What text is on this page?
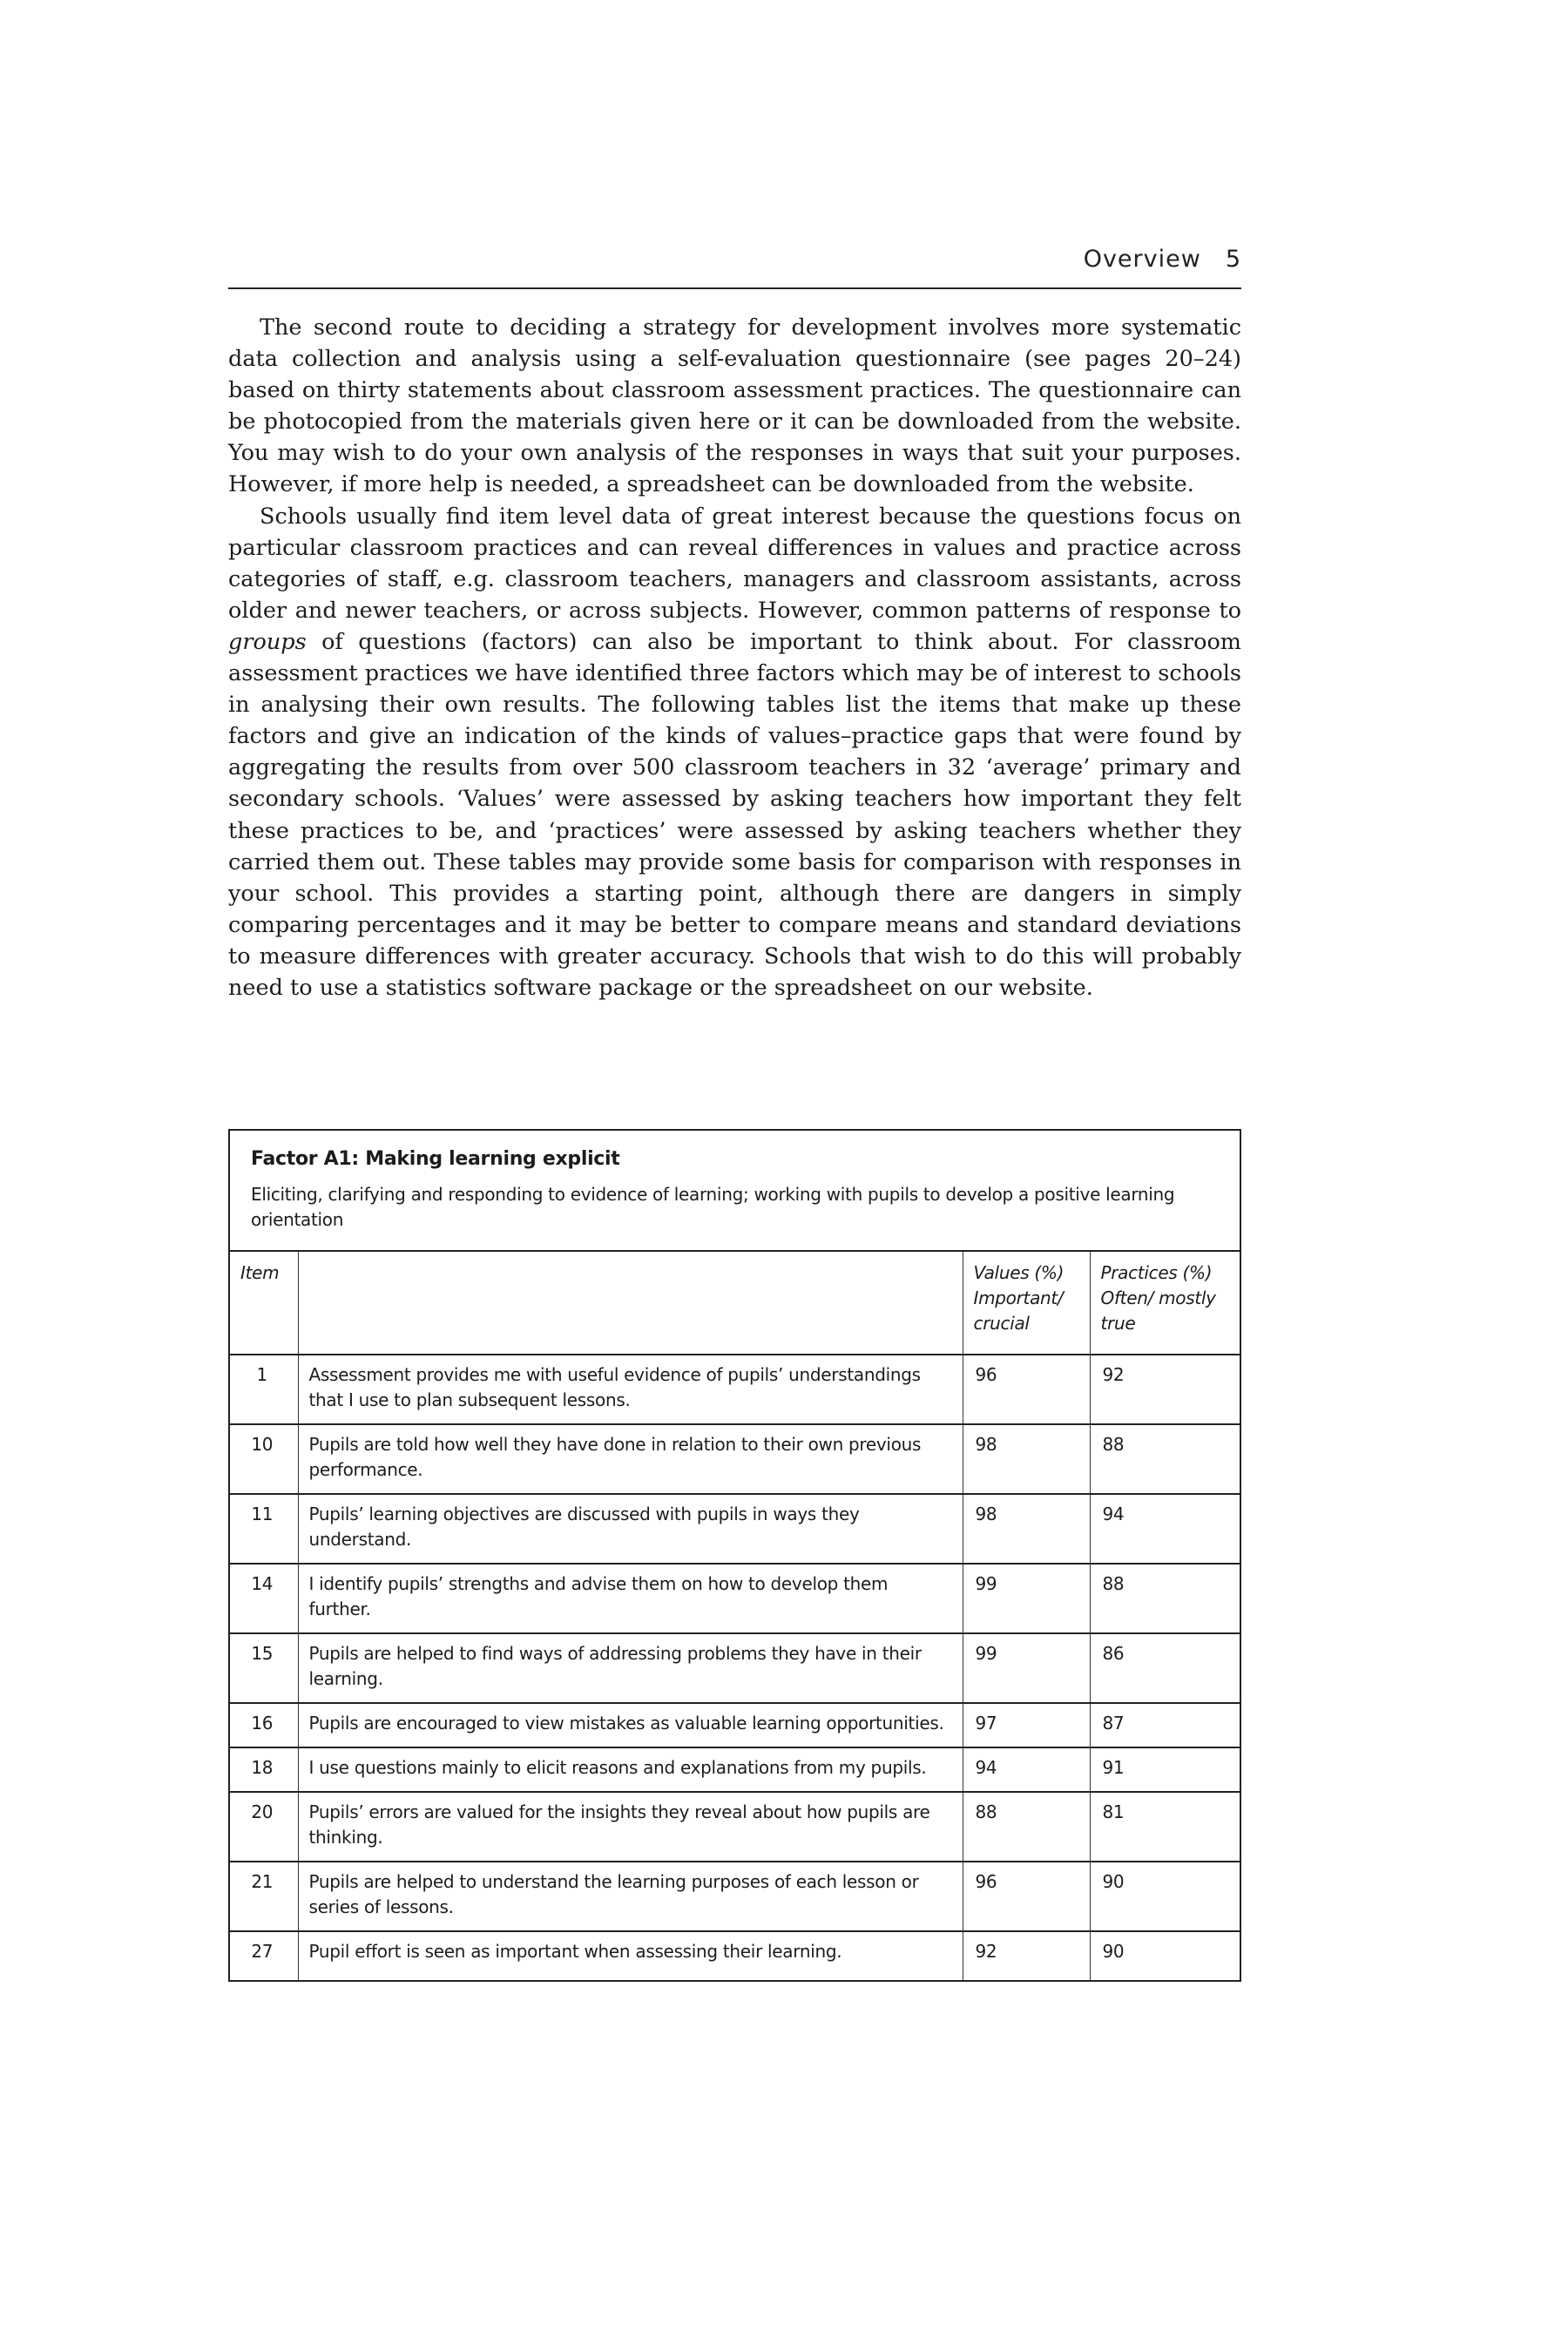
Overview 5

The second route to deciding a strategy for development involves more systematic data collection and analysis using a self-evaluation questionnaire (see pages 20–24) based on thirty statements about classroom assessment practices. The questionnaire can be photocopied from the materials given here or it can be downloaded from the website. You may wish to do your own analysis of the responses in ways that suit your purposes. However, if more help is needed, a spreadsheet can be downloaded from the website.

Schools usually find item level data of great interest because the questions focus on particular classroom practices and can reveal differences in values and practice across categories of staff, e.g. classroom teachers, managers and classroom assistants, across older and newer teachers, or across subjects. However, common patterns of response to groups of questions (factors) can also be important to think about. For classroom assessment practices we have identified three factors which may be of interest to schools in analysing their own results. The following tables list the items that make up these factors and give an indication of the kinds of values–practice gaps that were found by aggregating the results from over 500 classroom teachers in 32 ‘average’ primary and secondary schools. ‘Values’ were assessed by asking teachers how important they felt these practices to be, and ‘practices’ were assessed by asking teachers whether they carried them out. These tables may provide some basis for comparison with responses in your school. This provides a starting point, although there are dangers in simply comparing percentages and it may be better to compare means and standard deviations to measure differences with greater accuracy. Schools that wish to do this will probably need to use a statistics software package or the spreadsheet on our website.

Factor A1: Making learning explicit
Eliciting, clarifying and responding to evidence of learning; working with pupils to develop a positive learning orientation
Item		Values (%) Important/ crucial	Practices (%) Often/ mostly true
1	Assessment provides me with useful evidence of pupils’ understandings that I use to plan subsequent lessons.	96	92
10	Pupils are told how well they have done in relation to their own previous performance.	98	88
11	Pupils’ learning objectives are discussed with pupils in ways they understand.	98	94
14	I identify pupils’ strengths and advise them on how to develop them further.	99	88
15	Pupils are helped to find ways of addressing problems they have in their learning.	99	86
16	Pupils are encouraged to view mistakes as valuable learning opportunities.	97	87
18	I use questions mainly to elicit reasons and explanations from my pupils.	94	91
20	Pupils’ errors are valued for the insights they reveal about how pupils are thinking.	88	81
21	Pupils are helped to understand the learning purposes of each lesson or series of lessons.	96	90
27	Pupil effort is seen as important when assessing their learning.	92	90
